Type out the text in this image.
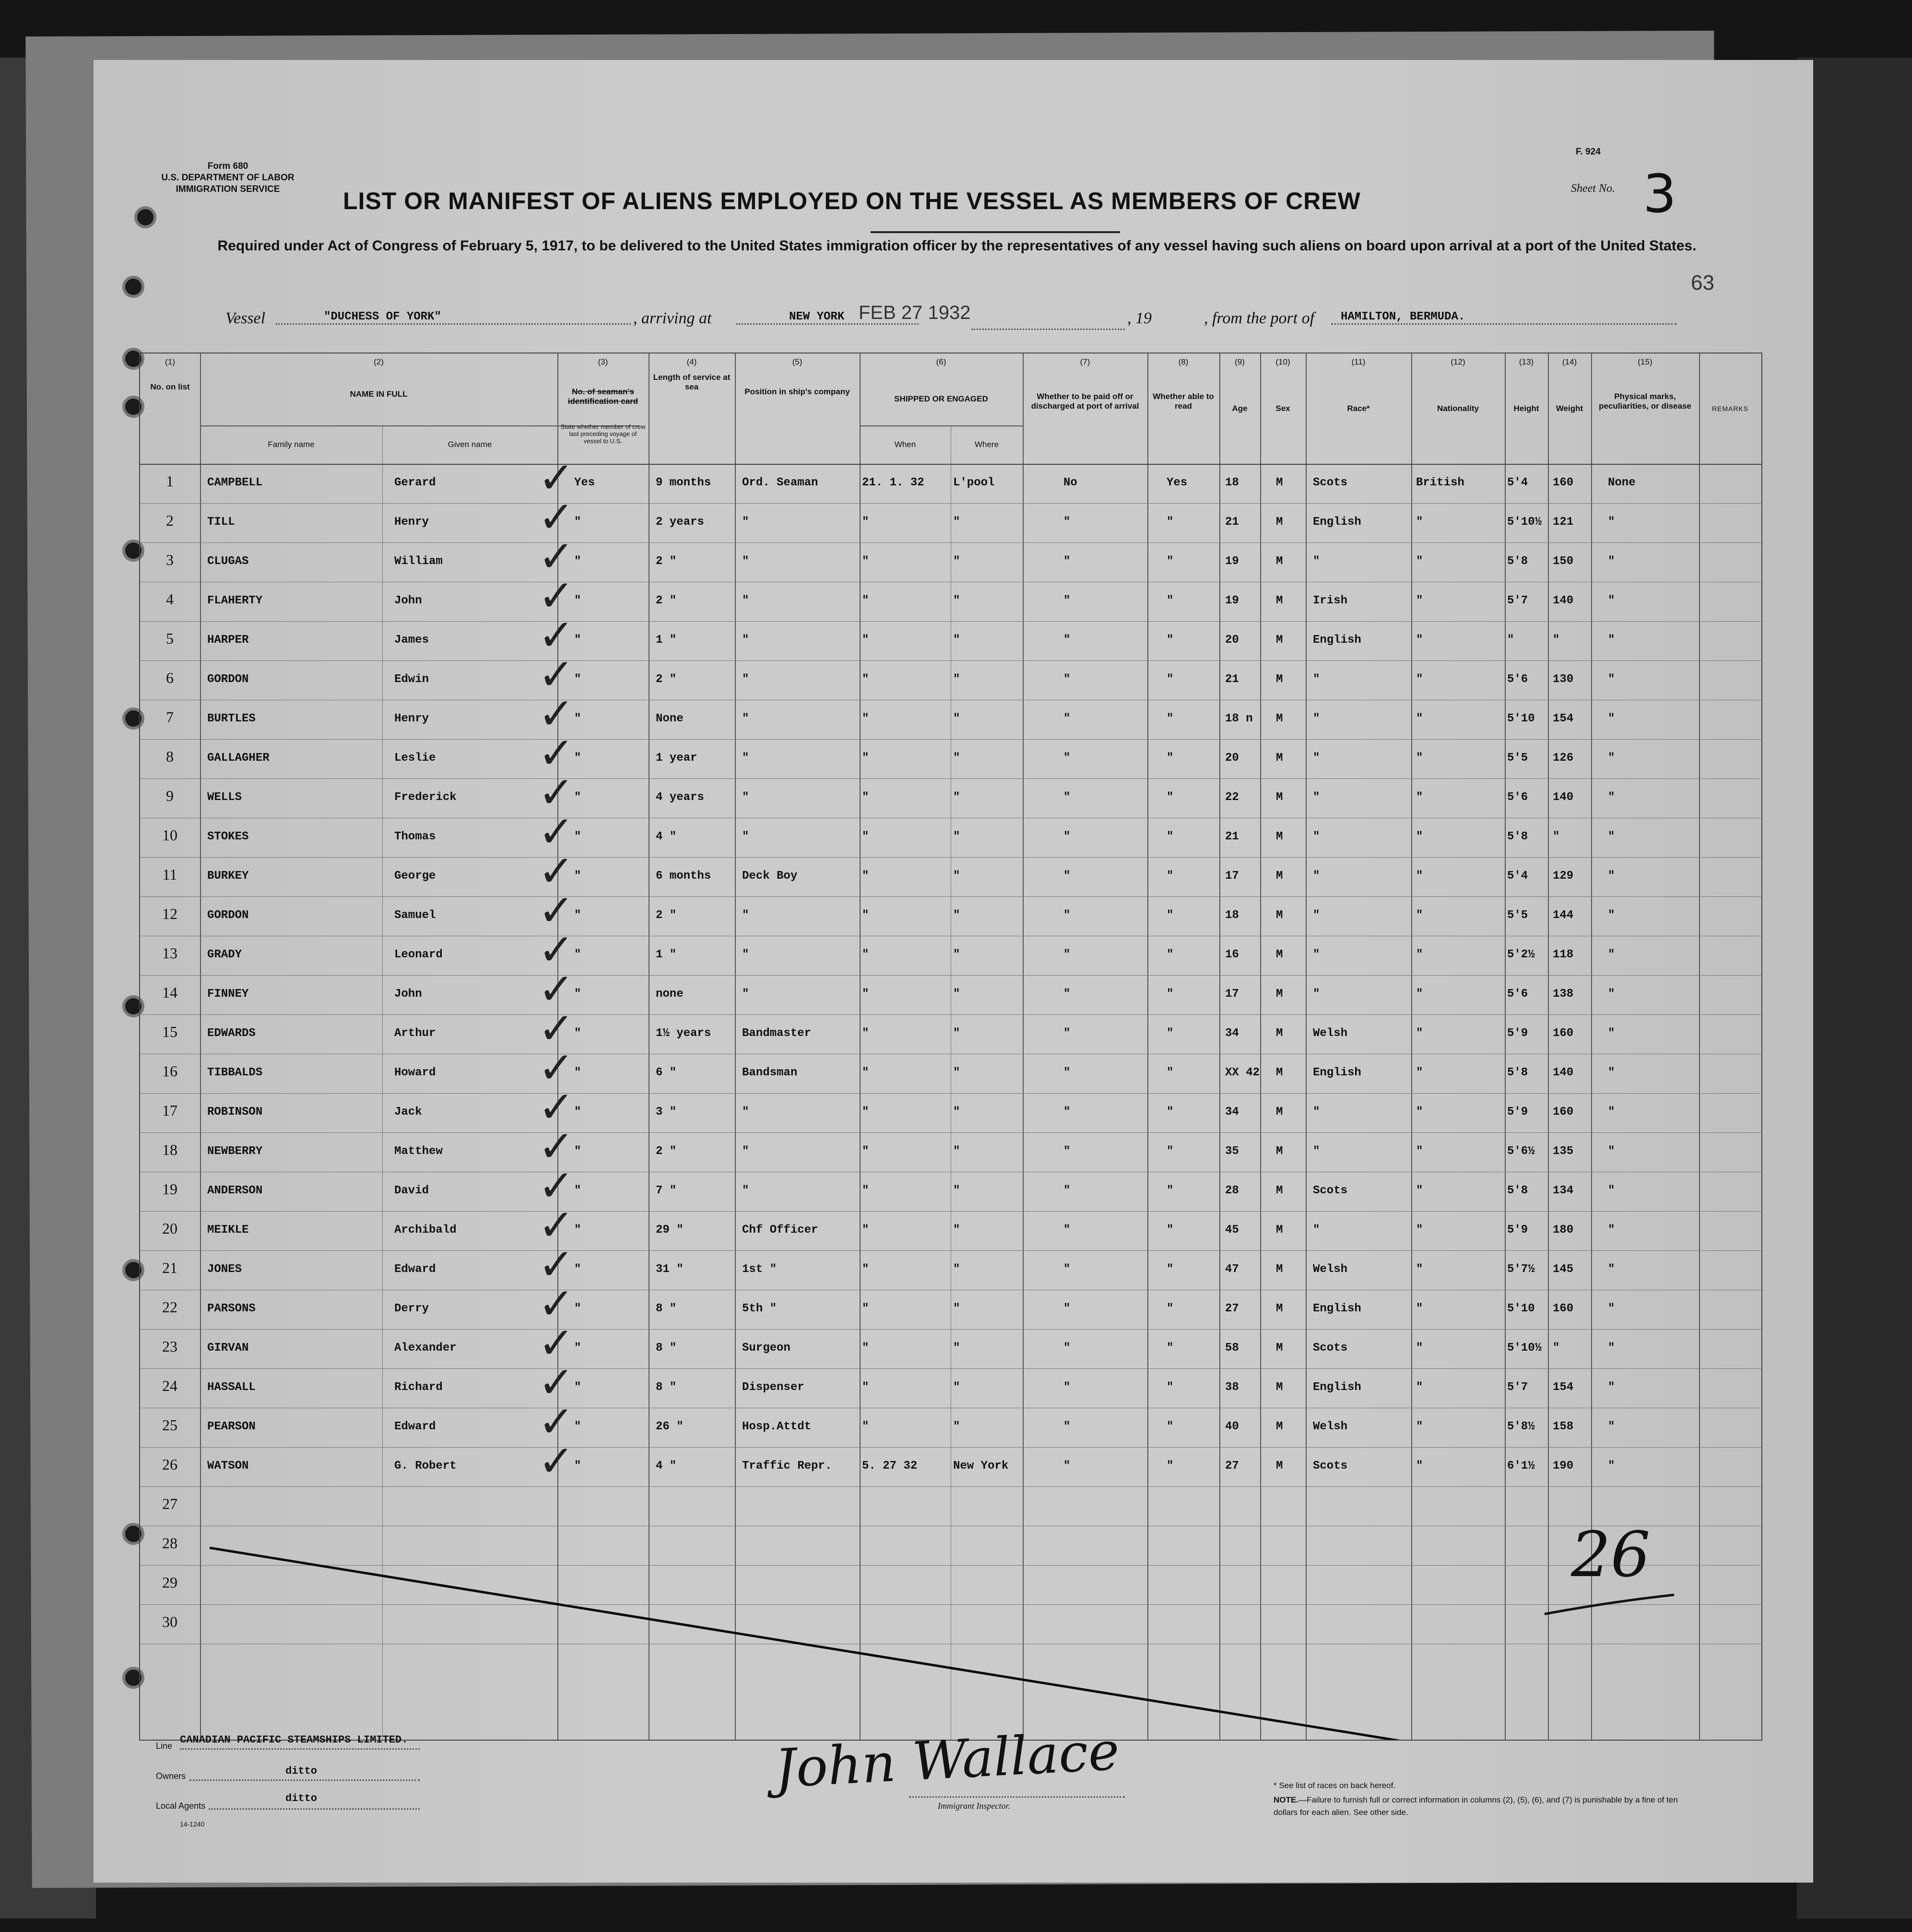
Form 680
U.S. DEPARTMENT OF LABOR
IMMIGRATION SERVICE
F. 924
Sheet No. 3
63
LIST OR MANIFEST OF ALIENS EMPLOYED ON THE VESSEL AS MEMBERS OF CREW
Required under Act of Congress of February 5, 1917, to be delivered to the United States immigration officer by the representatives of any vessel having such aliens on board upon arrival at a port of the United States.
Vessel	"DUCHESS OF YORK"	, arriving at	NEW YORK FEB 27 1932	, 19	, from the port of	HAMILTON, BERMUDA.
(1)	(2)	(3)	(4)	(5)	(6)	(7)	(8)	(9)	(10)	(11)	(12)	(13)	(14)	(15)
No. on list
NAME IN FULL
Family name	Given name
No. of seaman's identification card
State whether member of crew last preceding voyage of vessel to U.S.
Length of service at sea
Position in ship's company
SHIPPED OR ENGAGED
When	Where
Whether to be paid off or discharged at port of arrival
Whether able to read	Age	Sex	Race*	Nationality	Height	Weight
Physical marks, peculiarities, or disease	REMARKS
1	CAMPBELL	Gerard	Yes	9 months	Ord. Seaman	21. 1. 32	L'pool	No	Yes	18	M	Scots	British	5'4 160	None
✓
2	TILL	Henry	"	2 years	"	"	"	"	"	21	M	English	"	5'10½ 121	"
✓
3	CLUGAS	William	"	2 "	"	"	"	"	"	19	M	"	"	5'8 150	"
✓
4	FLAHERTY	John	"	2 "	"	"	"	"	"	19	M	Irish	"	5'7 140	"
✓
5	HARPER	James	"	1 "	"	"	"	"	"	20	M	English	"	"	"	"
✓
6	GORDON	Edwin	"	2 "	"	"	"	"	"	21	M	"	"	5'6 130	"
✓
7	BURTLES	Henry	"	None	"	"	"	"	"	18 n M	"	"	5'10 154	"
✓
8	GALLAGHER	Leslie	"	1 year	"	"	"	"	"	20	M	"	"	5'5 126	"
✓
9	WELLS	Frederick	"	4 years	"	"	"	"	"	22	M	"	"	5'6 140	"
✓
10	STOKES	Thomas	"	4 "	"	"	"	"	"	21	M	"	"	5'8 "	"
✓
11	BURKEY	George	"	6 months	Deck Boy	"	"	"	"	17	M	"	"	5'4 129	"
✓
12	GORDON	Samuel	"	2 "	"	"	"	"	"	18	M	"	"	5'5 144	"
✓
13	GRADY	Leonard	"	1 "	"	"	"	"	"	16	M	"	"	5'2½ 118	"
✓
14	FINNEY	John	"	none	"	"	"	"	"	17	M	"	"	5'6 138	"
✓
15	EDWARDS	Arthur	"	1½ years	Bandmaster	"	"	"	"	34	M	Welsh	"	5'9 160	"
✓
16	TIBBALDS	Howard	"	6 "	Bandsman	"	"	"	"	XX 42 M	English	"	5'8 140	"
✓
17	ROBINSON	Jack	"	3 "	"	"	"	"	"	34	M	"	"	5'9 160	"
✓
18	NEWBERRY	Matthew	"	2 "	"	"	"	"	"	35	M	"	"	5'6½ 135	"
✓
19	ANDERSON	David	"	7 "	"	"	"	"	"	28	M	Scots	"	5'8 134	"
✓
20	MEIKLE	Archibald	"	29 "	Chf Officer	"	"	"	"	45	M	"	"	5'9 180	"
✓
21	JONES	Edward	"	31 "	1st "	"	"	"	"	47	M	Welsh	"	5'7½ 145	"
✓
22	PARSONS	Derry	"	8 "	5th "	"	"	"	"	27	M	English	"	5'10 160	"
✓
23	GIRVAN	Alexander	"	8 "	Surgeon	"	"	"	"	58	M	Scots	"	5'10½ "	"
✓
24	HASSALL	Richard	"	8 "	Dispenser	"	"	"	"	38	M	English	"	5'7 154	"
✓
25	PEARSON	Edward	"	26 "	Hosp.Attdt	"	"	"	"	40	M	Welsh	"	5'8½ 158	"
✓
26	WATSON	G. Robert	"	4 "	Traffic Repr.	5. 27 32	New York	"	"	27	M	Scots	"	6'1½ 190	"
✓
27
28
29
30
26
Line CANADIAN PACIFIC STEAMSHIPS LIMITED.
Owners	ditto
Local Agents
ditto
14-1240
John Wallace
Immigrant Inspector.
* See list of races on back hereof.
NOTE.—Failure to furnish full or correct information in columns (2), (5), (6), and (7) is punishable by a fine of ten dollars for each alien. See other side.
